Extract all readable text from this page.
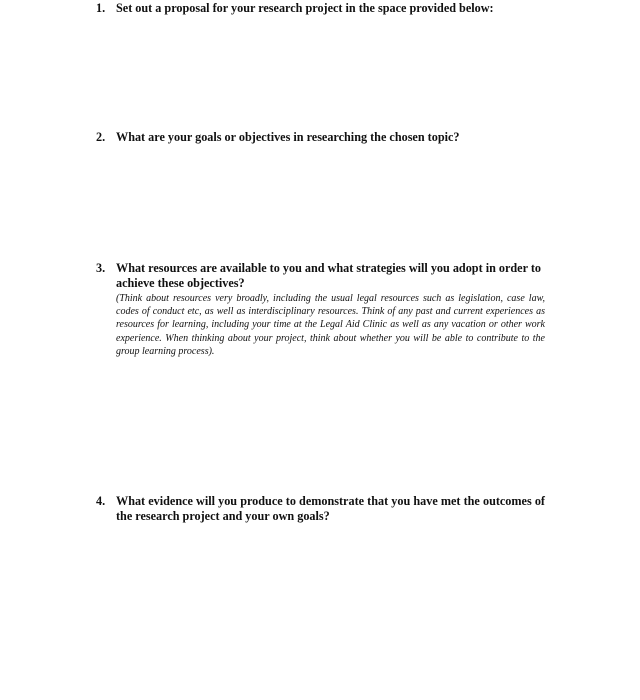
1. Set out a proposal for your research project in the space provided below:
2. What are your goals or objectives in researching the chosen topic?
3. What resources are available to you and what strategies will you adopt in order to achieve these objectives?
(Think about resources very broadly, including the usual legal resources such as legislation, case law, codes of conduct etc, as well as interdisciplinary resources. Think of any past and current experiences as resources for learning, including your time at the Legal Aid Clinic as well as any vacation or other work experience. When thinking about your project, think about whether you will be able to contribute to the group learning process).
4. What evidence will you produce to demonstrate that you have met the outcomes of the research project and your own goals?
